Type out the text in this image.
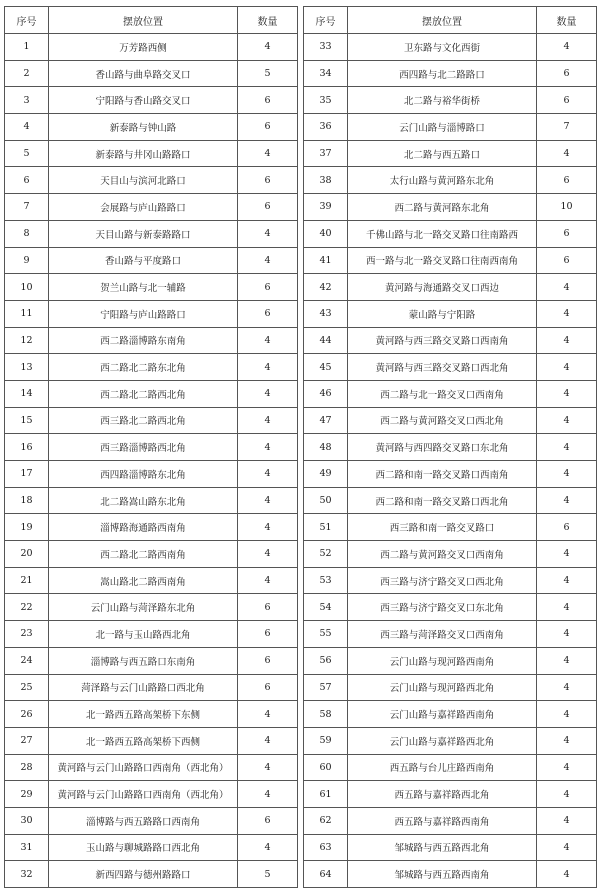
序号	摆放位置	数量
1	万芳路西侧	4
2	香山路与曲阜路交叉口	5
3	宁阳路与香山路交叉口	6
4	新泰路与钟山路	6
5	新泰路与井冈山路路口	4
6	天目山与滨河北路口	6
7	会展路与庐山路路口	6
8	天目山路与新泰路路口	4
9	香山路与平度路口	4
10	贺兰山路与北一辅路	6
11	宁阳路与庐山路路口	6
12	西二路淄博路东南角	4
13	西二路北二路东北角	4
14	西二路北二路西北角	4
15	西三路北二路西北角	4
16	西三路淄博路西北角	4
17	西四路淄博路东北角	4
18	北二路嵩山路东北角	4
19	淄博路海通路西南角	4
20	西二路北二路西南角	4
21	嵩山路北二路西南角	4
22	云门山路与菏泽路东北角	6
23	北一路与玉山路西北角	6
24	淄博路与西五路口东南角	6
25	菏泽路与云门山路路口西北角	6
26	北一路西五路高架桥下东侧	4
27	北一路西五路高架桥下西侧	4
28	黄河路与云门山路路口西南角（西北角）	4
29	黄河路与云门山路路口西南角（西北角）	4
30	淄博路与西五路路口西南角	6
31	玉山路与聊城路路口西北角	4
32	新西四路与德州路路口	5
序号	摆放位置	数量
33	卫东路与文化西街	4
34	西四路与北二路路口	6
35	北二路与裕华街桥	6
36	云门山路与淄博路口	7
37	北二路与西五路口	4
38	太行山路与黄河路东北角	6
39	西二路与黄河路东北角	10
40	千佛山路与北一路交叉路口往南路西	6
41	西一路与北一路交叉路口往南西南角	6
42	黄河路与海通路交叉口西边	4
43	蒙山路与宁阳路	4
44	黄河路与西三路交叉路口西南角	4
45	黄河路与西三路交叉路口西北角	4
46	西二路与北一路交叉口西南角	4
47	西二路与黄河路交叉口西北角	4
48	黄河路与西四路交叉路口东北角	4
49	西二路和南一路交叉路口西南角	4
50	西二路和南一路交叉路口西北角	4
51	西三路和南一路交叉路口	6
52	西二路与黄河路交叉口西南角	4
53	西三路与济宁路交叉口西北角	4
54	西三路与济宁路交叉口东北角	4
55	西三路与菏泽路交叉口西南角	4
56	云门山路与现河路西南角	4
57	云门山路与现河路西北角	4
58	云门山路与嘉祥路西南角	4
59	云门山路与嘉祥路西北角	4
60	西五路与台儿庄路西南角	4
61	西五路与嘉祥路西北角	4
62	西五路与嘉祥路西南角	4
63	邹城路与西五路西北角	4
64	邹城路与西五路西南角	4
